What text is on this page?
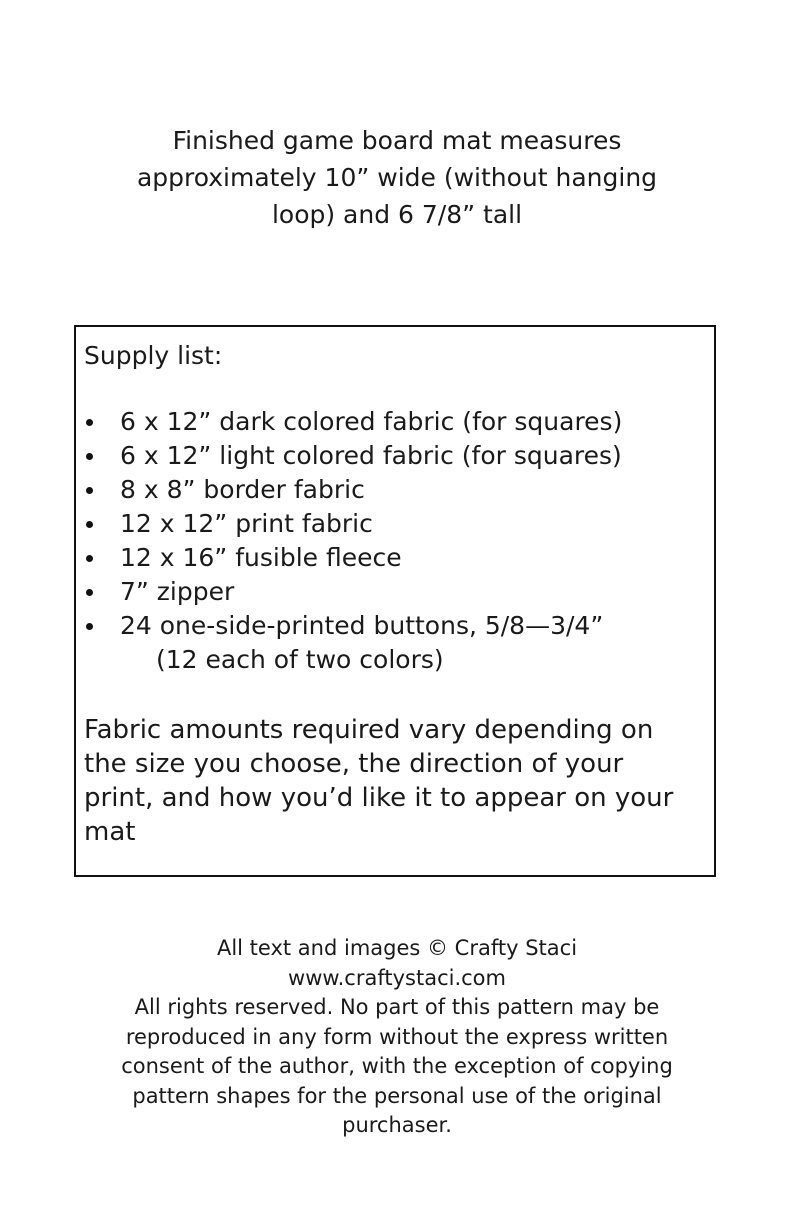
Finished game board mat measures
approximately 10” wide (without hanging
loop) and 6 7/8” tall
Supply list:
6 x 12” dark colored fabric (for squares)
6 x 12” light colored fabric (for squares)
8 x 8” border fabric
12 x 12” print fabric
12 x 16” fusible fleece
7” zipper
24 one-side-printed buttons, 5/8—3/4”
(12 each of two colors)
Fabric amounts required vary depending on
the size you choose, the direction of your
print, and how you’d like it to appear on your
mat
All text and images © Crafty Staci
www.craftystaci.com
All rights reserved. No part of this pattern may be
reproduced in any form without the express written
consent of the author, with the exception of copying
pattern shapes for the personal use of the original
purchaser.
